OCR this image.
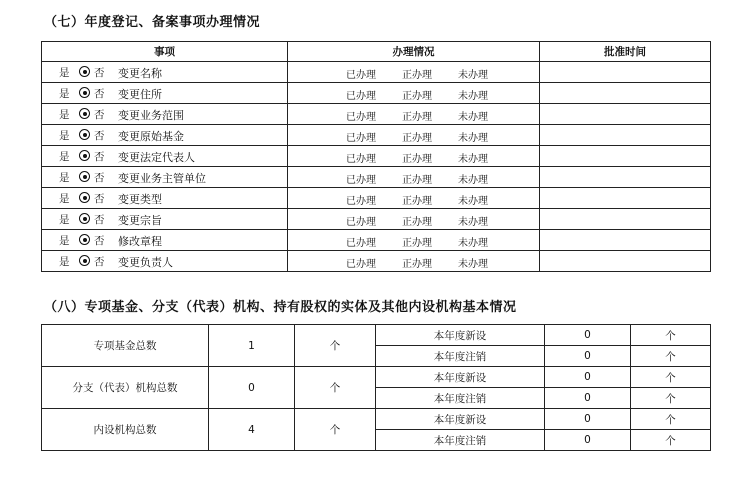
（七）年度登记、备案事项办理情况
事项	办理情况	批准时间

是 否 变更名称	已办理 正办理 未办理	

是 否 变更住所	已办理 正办理 未办理	

是 否 变更业务范围	已办理 正办理 未办理	

是 否 变更原始基金	已办理 正办理 未办理	

是 否 变更法定代表人	已办理 正办理 未办理	

是 否 变更业务主管单位	已办理 正办理 未办理	

是 否 变更类型	已办理 正办理 未办理	

是 否 变更宗旨	已办理 正办理 未办理	

是 否 修改章程	已办理 正办理 未办理	

是 否 变更负责人	已办理 正办理 未办理	

（八）专项基金、分支（代表）机构、持有股权的实体及其他内设机构基本情况
专项基金总数	1	个	本年度新设	0	个
			本年度注销	0	个
分支（代表）机构总数	0	个	本年度新设	0	个
			本年度注销	0	个
内设机构总数	4	个	本年度新设	0	个
			本年度注销	0	个
